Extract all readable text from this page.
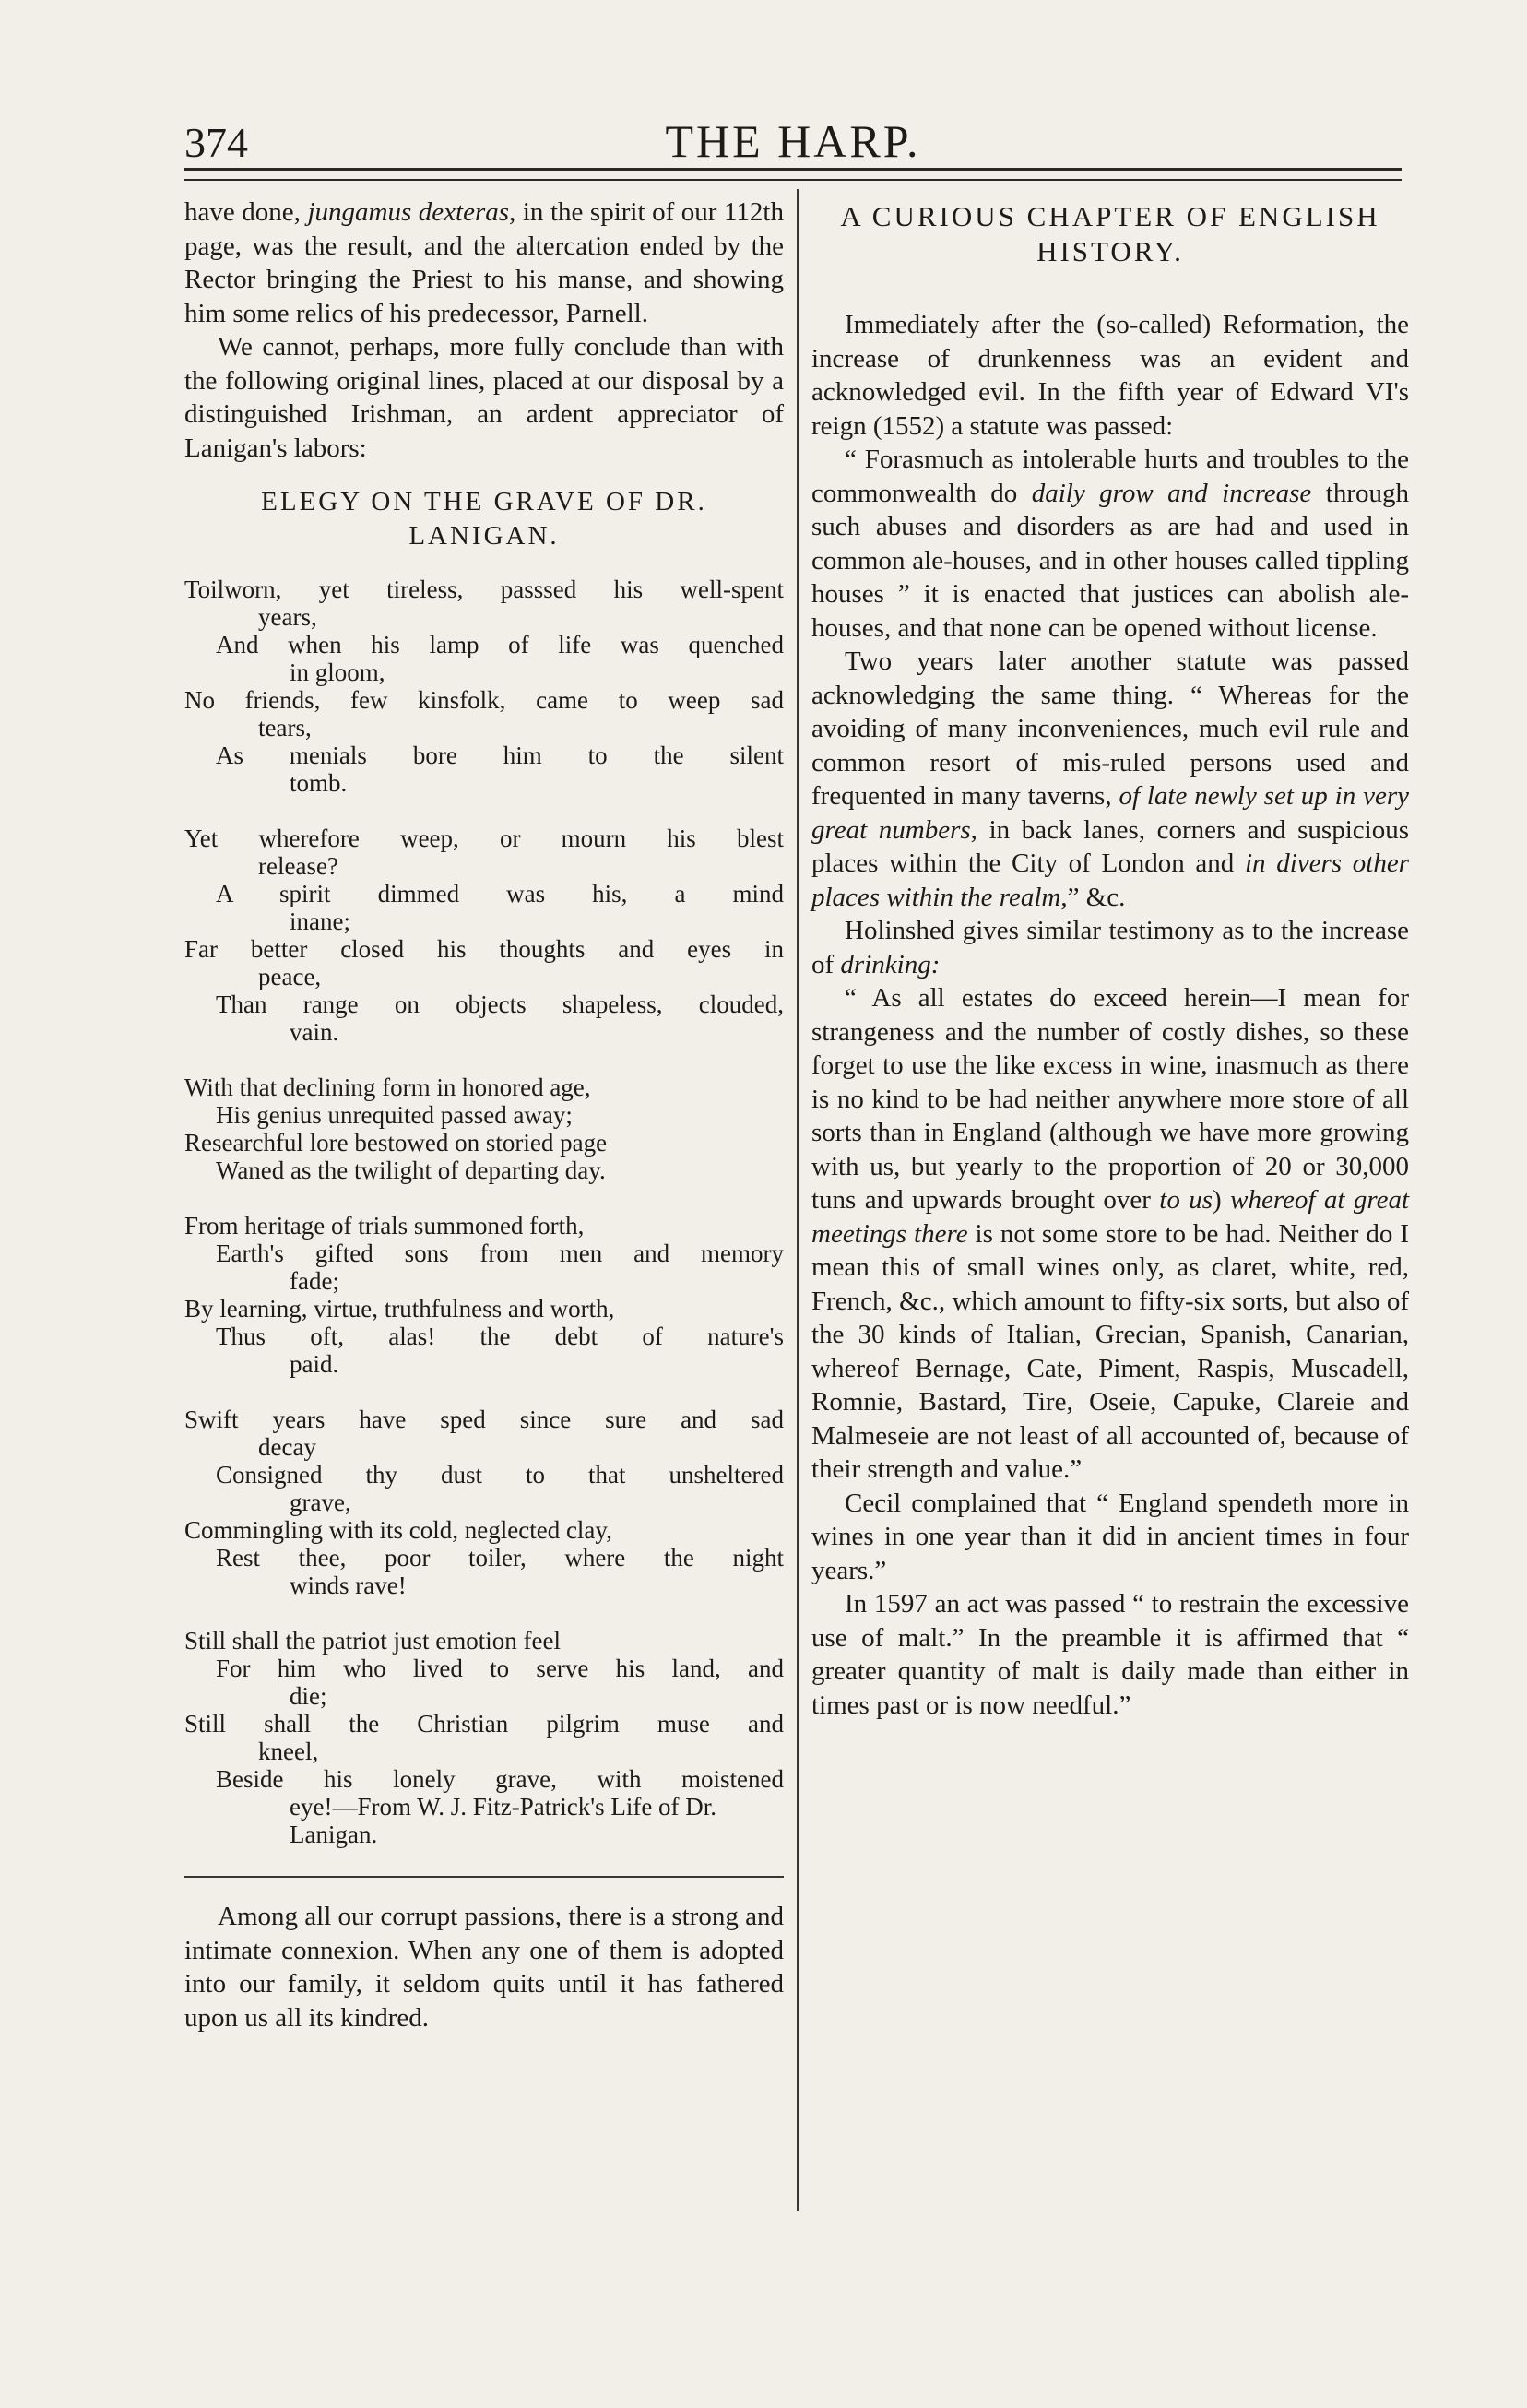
374	THE HARP.

have done, jungamus dexteras, in the spirit of our 112th page, was the result, and the altercation ended by the Rector bringing the Priest to his manse, and showing him some relics of his predecessor, Parnell.

We cannot, perhaps, more fully conclude than with the following original lines, placed at our disposal by a distinguished Irishman, an ardent appreciator of Lanigan's labors:

ELEGY ON THE GRAVE OF DR. LANIGAN.
Toilworn, yet tireless, passsed his well-spent
years,
And when his lamp of life was quenched
in gloom,
No friends, few kinsfolk, came to weep sad
tears,
As menials bore him to the silent
tomb.
Yet wherefore weep, or mourn his blest
release?
A spirit dimmed was his, a mind
inane;
Far better closed his thoughts and eyes in
peace,
Than range on objects shapeless, clouded,
vain.
With that declining form in honored age,
His genius unrequited passed away;
Researchful lore bestowed on storied page
Waned as the twilight of departing day.
From heritage of trials summoned forth,
Earth's gifted sons from men and memory
fade;
By learning, virtue, truthfulness and worth,
Thus oft, alas! the debt of nature's
paid.
Swift years have sped since sure and sad
decay
Consigned thy dust to that unsheltered
grave,
Commingling with its cold, neglected clay,
Rest thee, poor toiler, where the night
winds rave!
Still shall the patriot just emotion feel
For him who lived to serve his land, and
die;
Still shall the Christian pilgrim muse and
kneel,
Beside his lonely grave, with moistened
eye!—From W. J. Fitz-Patrick's Life of Dr. Lanigan.

Among all our corrupt passions, there is a strong and intimate connexion. When any one of them is adopted into our family, it seldom quits until it has fathered upon us all its kindred.

A CURIOUS CHAPTER OF ENGLISH HISTORY.

Immediately after the (so-called) Reformation, the increase of drunkenness was an evident and acknowledged evil. In the fifth year of Edward VI's reign (1552) a statute was passed:

“ Forasmuch as intolerable hurts and troubles to the commonwealth do daily grow and increase through such abuses and disorders as are had and used in common ale-houses, and in other houses called tippling houses ” it is enacted that justices can abolish ale-houses, and that none can be opened without license.

Two years later another statute was passed acknowledging the same thing. “ Whereas for the avoiding of many inconveniences, much evil rule and common resort of mis-ruled persons used and frequented in many taverns, of late newly set up in very great numbers, in back lanes, corners and suspicious places within the City of London and in divers other places within the realm,” &c.

Holinshed gives similar testimony as to the increase of drinking:

“ As all estates do exceed herein—I mean for strangeness and the number of costly dishes, so these forget to use the like excess in wine, inasmuch as there is no kind to be had neither anywhere more store of all sorts than in England (although we have more growing with us, but yearly to the proportion of 20 or 30,000 tuns and upwards brought over to us) whereof at great meetings there is not some store to be had. Neither do I mean this of small wines only, as claret, white, red, French, &c., which amount to fifty-six sorts, but also of the 30 kinds of Italian, Grecian, Spanish, Canarian, whereof Bernage, Cate, Piment, Raspis, Muscadell, Romnie, Bastard, Tire, Oseie, Capuke, Clareie and Malmeseie are not least of all accounted of, because of their strength and value.”

Cecil complained that “ England spendeth more in wines in one year than it did in ancient times in four years.”

In 1597 an act was passed “ to restrain the excessive use of malt.” In the preamble it is affirmed that “ greater quantity of malt is daily made than either in times past or is now needful.”
